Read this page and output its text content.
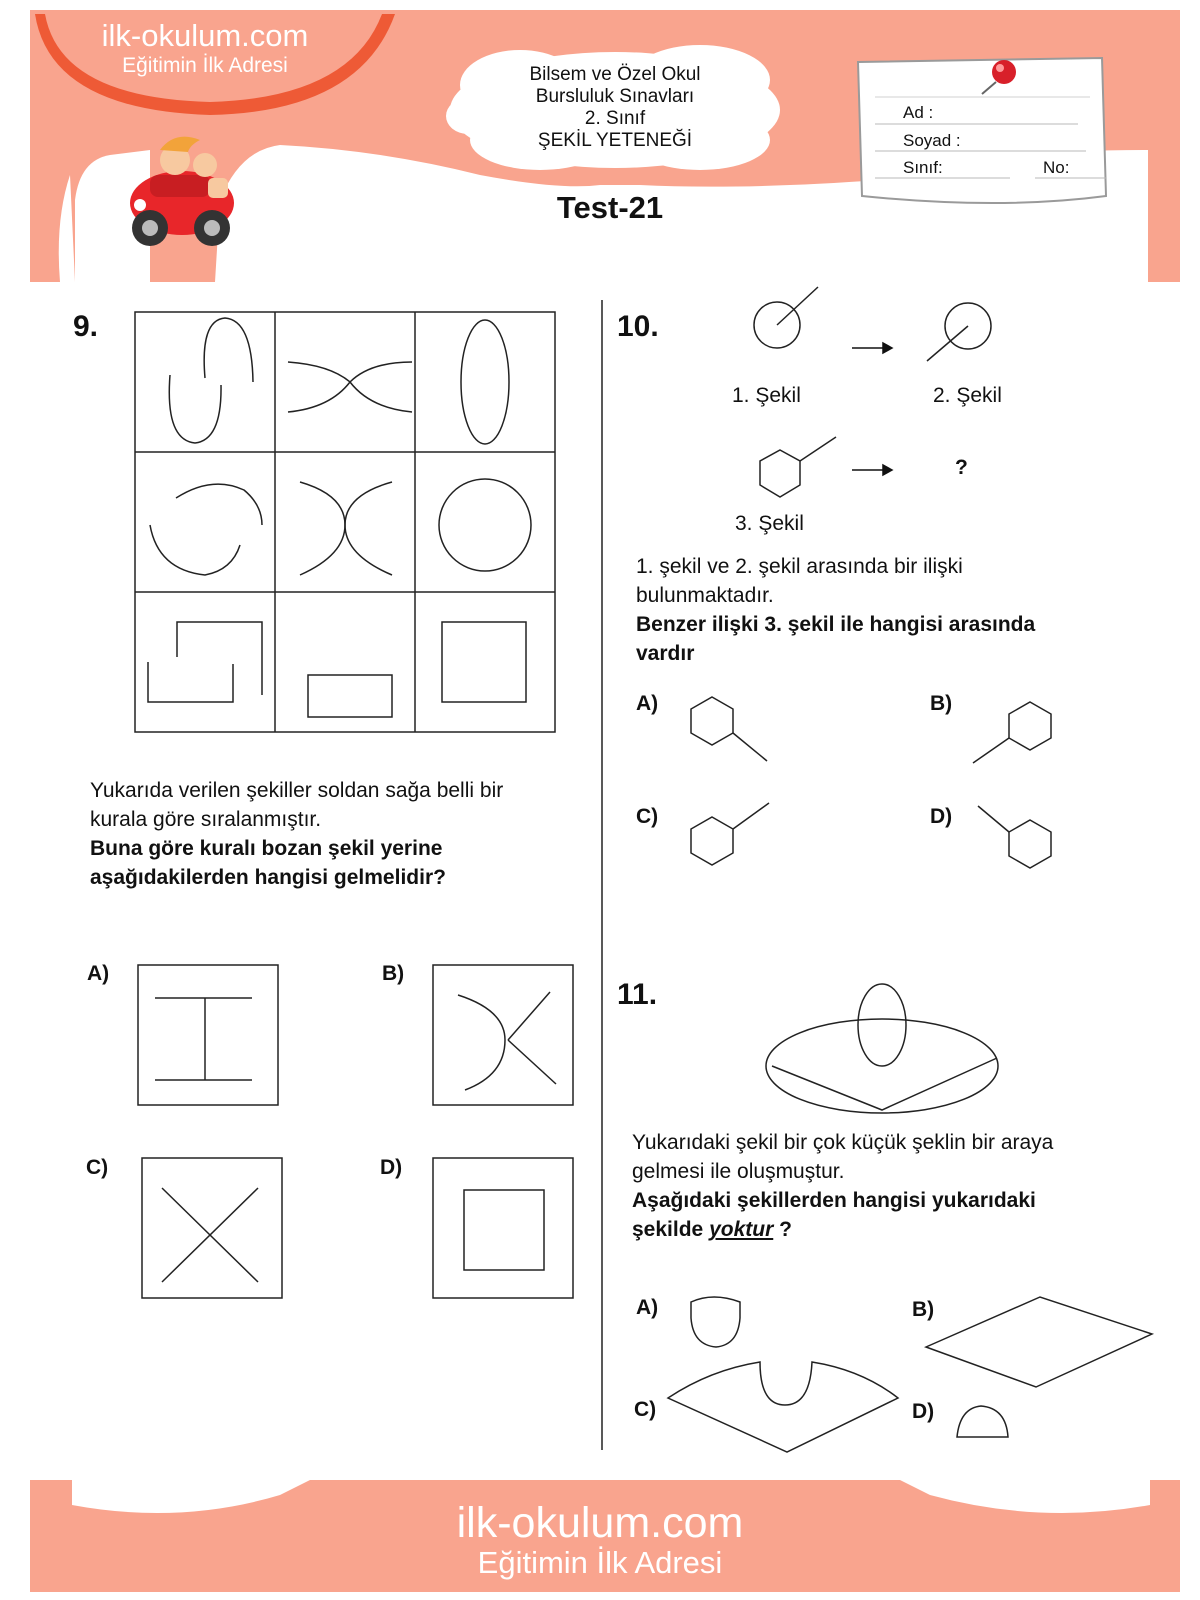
ilk-okulum.com
Eğitimin İlk Adresi	Bilsem ve Özel Okul
Bursluluk Sınavları
2. Sınıf
ŞEKİL YETENEĞİ
Test-21
Ad :
Soyad :
Sınıf:	No:
9.
Yukarıda verilen şekiller soldan sağa belli bir
kurala göre sıralanmıştır.
Buna göre kuralı bozan şekil yerine
aşağıdakilerden hangisi gelmelidir?
A)	B)
C)	D)
10.
1. Şekil	2. Şekil
?
3. Şekil
1. şekil ve 2. şekil arasında bir ilişki
bulunmaktadır.
Benzer ilişki 3. şekil ile hangisi arasında
vardır
A)	B)
C)	D)
11.
Yukarıdaki şekil bir çok küçük şeklin bir araya
gelmesi ile oluşmuştur.
Aşağıdaki şekillerden hangisi yukarıdaki
şekilde yoktur ?
A)	B)
C)	D)
ilk-okulum.com
Eğitimin İlk Adresi
